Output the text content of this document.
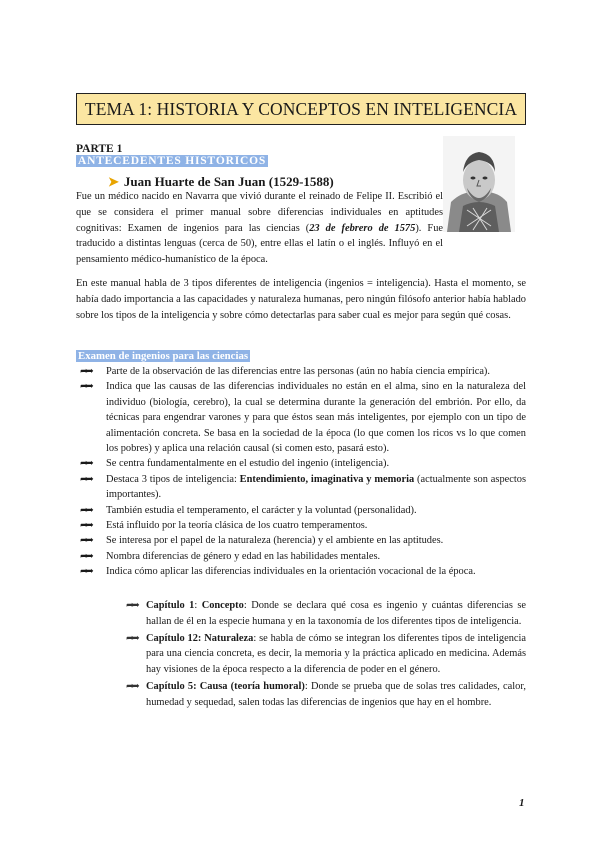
TEMA 1: HISTORIA Y CONCEPTOS EN INTELIGENCIA
PARTE 1
ANTECEDENTES HISTÓRICOS
➤ Juan Huarte de San Juan (1529-1588)
Fue un médico nacido en Navarra que vivió durante el reinado de Felipe II. Escribió el que se considera el primer manual sobre diferencias individuales en aptitudes cognitivas: Examen de ingenios para las ciencias (23 de febrero de 1575). Fue traducido a distintas lenguas (cerca de 50), entre ellas el latín o el inglés. Influyó en el pensamiento médico-humanístico de la época.
En este manual habla de 3 tipos diferentes de inteligencia (ingenios = inteligencia). Hasta el momento, se había dado importancia a las capacidades y naturaleza humanas, pero ningún filósofo anterior había hablado sobre los tipos de la inteligencia y sobre cómo detectarlas para saber cual es mejor para según qué cosas.
Examen de ingenios para las ciencias
➦➦ Parte de la observación de las diferencias entre las personas (aún no había ciencia empírica).
➦➦ Indica que las causas de las diferencias individuales no están en el alma, sino en la naturaleza del individuo (biología, cerebro), la cual se determina durante la generación del embrión. Por ello, da técnicas para engendrar varones y para que éstos sean más inteligentes, por ejemplo con un tipo de alimentación concreta. Se basa en la sociedad de la época (lo que comen los ricos vs lo que comen los pobres) y aplica una relación causal (si comen esto, pasará esto).
➦➦ Se centra fundamentalmente en el estudio del ingenio (inteligencia).
➦➦ Destaca 3 tipos de inteligencia: Entendimiento, imaginativa y memoria (actualmente son aspectos importantes).
➦➦ También estudia el temperamento, el carácter y la voluntad (personalidad).
➦➦ Está influido por la teoría clásica de los cuatro temperamentos.
➦➦ Se interesa por el papel de la naturaleza (herencia) y el ambiente en las aptitudes.
➦➦ Nombra diferencias de género y edad en las habilidades mentales.
➦➦ Indica cómo aplicar las diferencias individuales en la orientación vocacional de la época.
➦➦ Capítulo 1: Concepto: Donde se declara qué cosa es ingenio y cuántas diferencias se hallan de él en la especie humana y en la taxonomía de los diferentes tipos de inteligencia.
➦➦ Capítulo 12: Naturaleza: se habla de cómo se integran los diferentes tipos de inteligencia para una ciencia concreta, es decir, la memoria y la práctica aplicado en medicina. Además hay visiones de la época respecto a la diferencia de poder en el género.
➦➦ Capítulo 5: Causa (teoría humoral): Donde se prueba que de solas tres calidades, calor, humedad y sequedad, salen todas las diferencias de ingenios que hay en el hombre.
1
